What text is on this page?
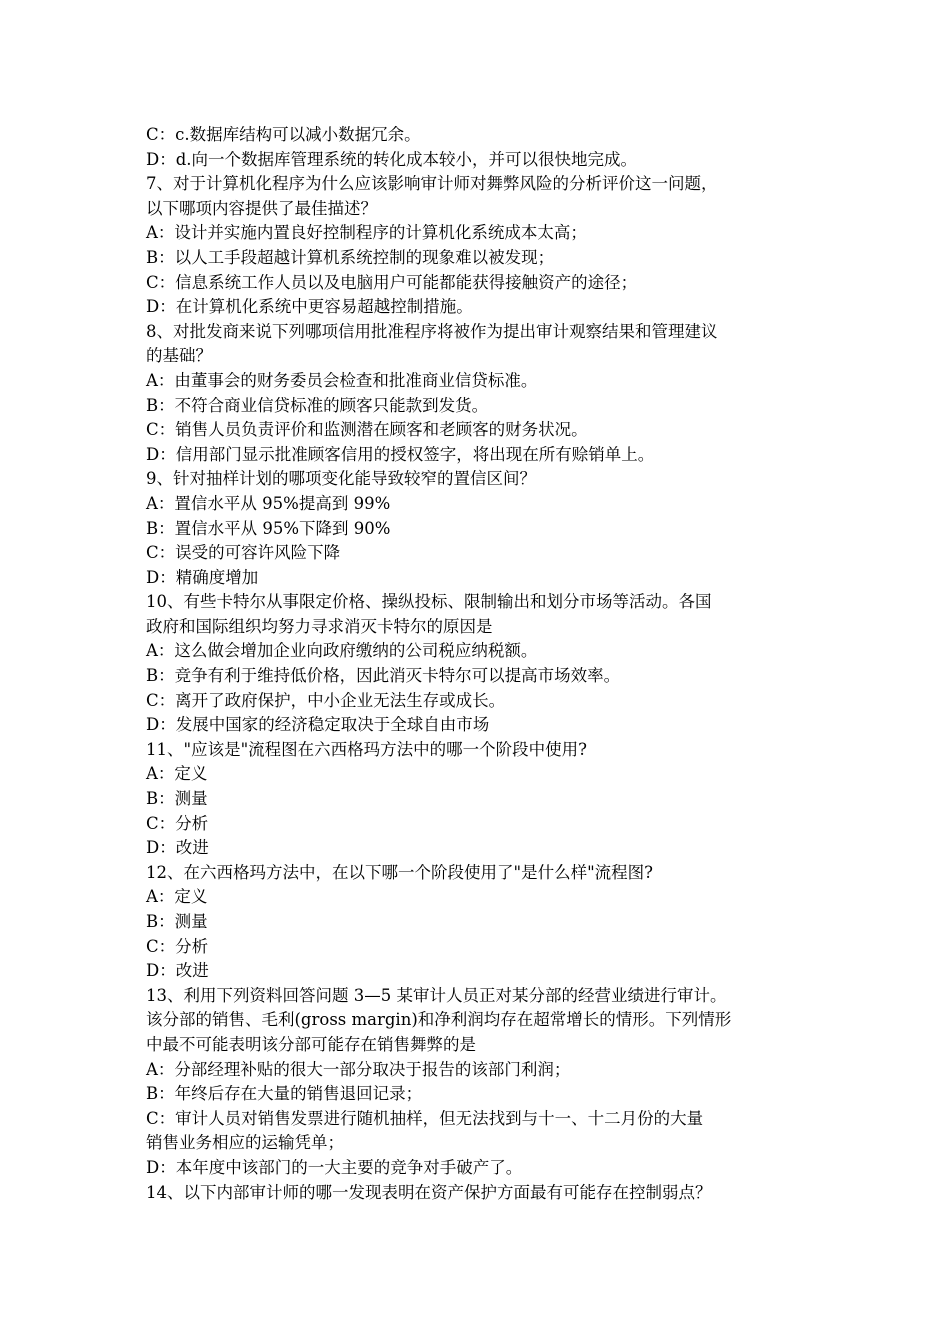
C：c.数据库结构可以减小数据冗余。
D：d.向一个数据库管理系统的转化成本较小，并可以很快地完成。
7、对于计算机化程序为什么应该影响审计师对舞弊风险的分析评价这一问题，
以下哪项内容提供了最佳描述？
A：设计并实施内置良好控制程序的计算机化系统成本太高；
B：以人工手段超越计算机系统控制的现象难以被发现；
C：信息系统工作人员以及电脑用户可能都能获得接触资产的途径；
D：在计算机化系统中更容易超越控制措施。
8、对批发商来说下列哪项信用批准程序将被作为提出审计观察结果和管理建议
的基础？
A：由董事会的财务委员会检查和批准商业信贷标准。
B：不符合商业信贷标准的顾客只能款到发货。
C：销售人员负责评价和监测潜在顾客和老顾客的财务状况。
D：信用部门显示批准顾客信用的授权签字，将出现在所有赊销单上。
9、针对抽样计划的哪项变化能导致较窄的置信区间？
A：置信水平从 95%提高到 99%
B：置信水平从 95%下降到 90%
C：误受的可容许风险下降
D：精确度增加
10、有些卡特尔从事限定价格、操纵投标、限制输出和划分市场等活动。各国
政府和国际组织均努力寻求消灭卡特尔的原因是
A：这么做会增加企业向政府缴纳的公司税应纳税额。
B：竞争有利于维持低价格，因此消灭卡特尔可以提高市场效率。
C：离开了政府保护，中小企业无法生存或成长。
D：发展中国家的经济稳定取决于全球自由市场
11、"应该是"流程图在六西格玛方法中的哪一个阶段中使用?
A：定义
B：测量
C：分析
D：改进
12、在六西格玛方法中，在以下哪一个阶段使用了"是什么样"流程图?
A：定义
B：测量
C：分析
D：改进
13、利用下列资料回答问题 3—5 某审计人员正对某分部的经营业绩进行审计。
该分部的销售、毛利(gross margin)和净利润均存在超常增长的情形。下列情形
中最不可能表明该分部可能存在销售舞弊的是
A：分部经理补贴的很大一部分取决于报告的该部门利润；
B：年终后存在大量的销售退回记录；
C：审计人员对销售发票进行随机抽样，但无法找到与十一、十二月份的大量
销售业务相应的运输凭单；
D：本年度中该部门的一大主要的竞争对手破产了。
14、以下内部审计师的哪一发现表明在资产保护方面最有可能存在控制弱点？
